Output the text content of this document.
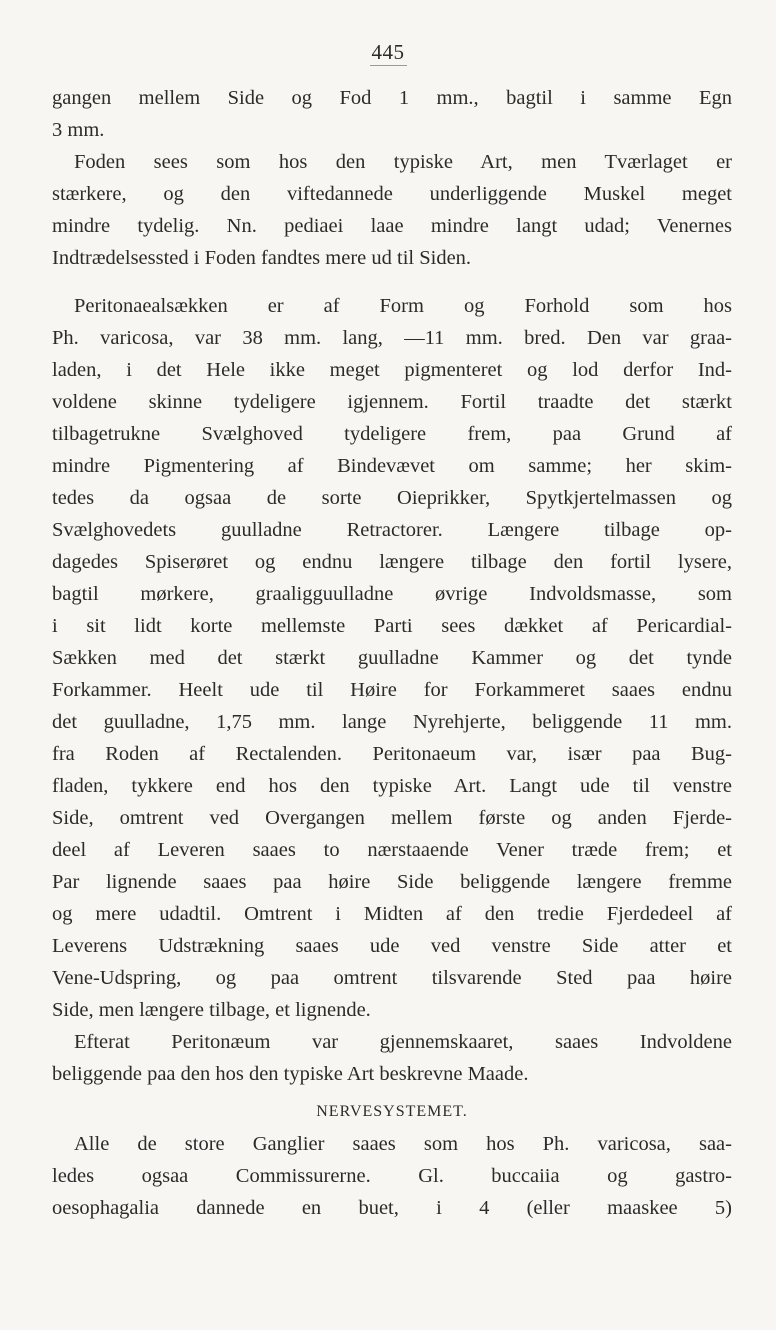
445
gangen mellem Side og Fod 1 mm., bagtil i samme Egn
3 mm.
Foden sees som hos den typiske Art, men Tværlaget er
stærkere, og den viftedannede underliggende Muskel meget
mindre tydelig. Nn. pediaei laae mindre langt udad; Venernes
Indtrædelsessted i Foden fandtes mere ud til Siden.
Peritonaealsækken er af Form og Forhold som hos
Ph. varicosa, var 38 mm. lang, —11 mm. bred. Den var graa-
laden, i det Hele ikke meget pigmenteret og lod derfor Ind-
voldene skinne tydeligere igjennem. Fortil traadte det stærkt
tilbagetrukne Svælghoved tydeligere frem, paa Grund af
mindre Pigmentering af Bindevævet om samme; her skim-
tedes da ogsaa de sorte Oieprikker, Spytkjertelmassen og
Svælghovedets guulladne Retractorer. Længere tilbage op-
dagedes Spiserøret og endnu længere tilbage den fortil lysere,
bagtil mørkere, graaligguulladne øvrige Indvoldsmasse, som
i sit lidt korte mellemste Parti sees dækket af Pericardial-
Sækken med det stærkt guulladne Kammer og det tynde
Forkammer. Heelt ude til Høire for Forkammeret saaes endnu
det guulladne, 1,75 mm. lange Nyrehjerte, beliggende 11 mm.
fra Roden af Rectalenden. Peritonaeum var, især paa Bug-
fladen, tykkere end hos den typiske Art. Langt ude til venstre
Side, omtrent ved Overgangen mellem første og anden Fjerde-
deel af Leveren saaes to nærstaaende Vener træde frem; et
Par lignende saaes paa høire Side beliggende længere fremme
og mere udadtil. Omtrent i Midten af den tredie Fjerdedeel af
Leverens Udstrækning saaes ude ved venstre Side atter et
Vene-Udspring, og paa omtrent tilsvarende Sted paa høire
Side, men længere tilbage, et lignende.
Efterat Peritonæum var gjennemskaaret, saaes Indvoldene
beliggende paa den hos den typiske Art beskrevne Maade.
NERVESYSTEMET.
Alle de store Ganglier saaes som hos Ph. varicosa, saa-
ledes ogsaa Commissurerne. Gl. buccaiia og gastro-
oesophagalia dannede en buet, i 4 (eller maaskee 5)
